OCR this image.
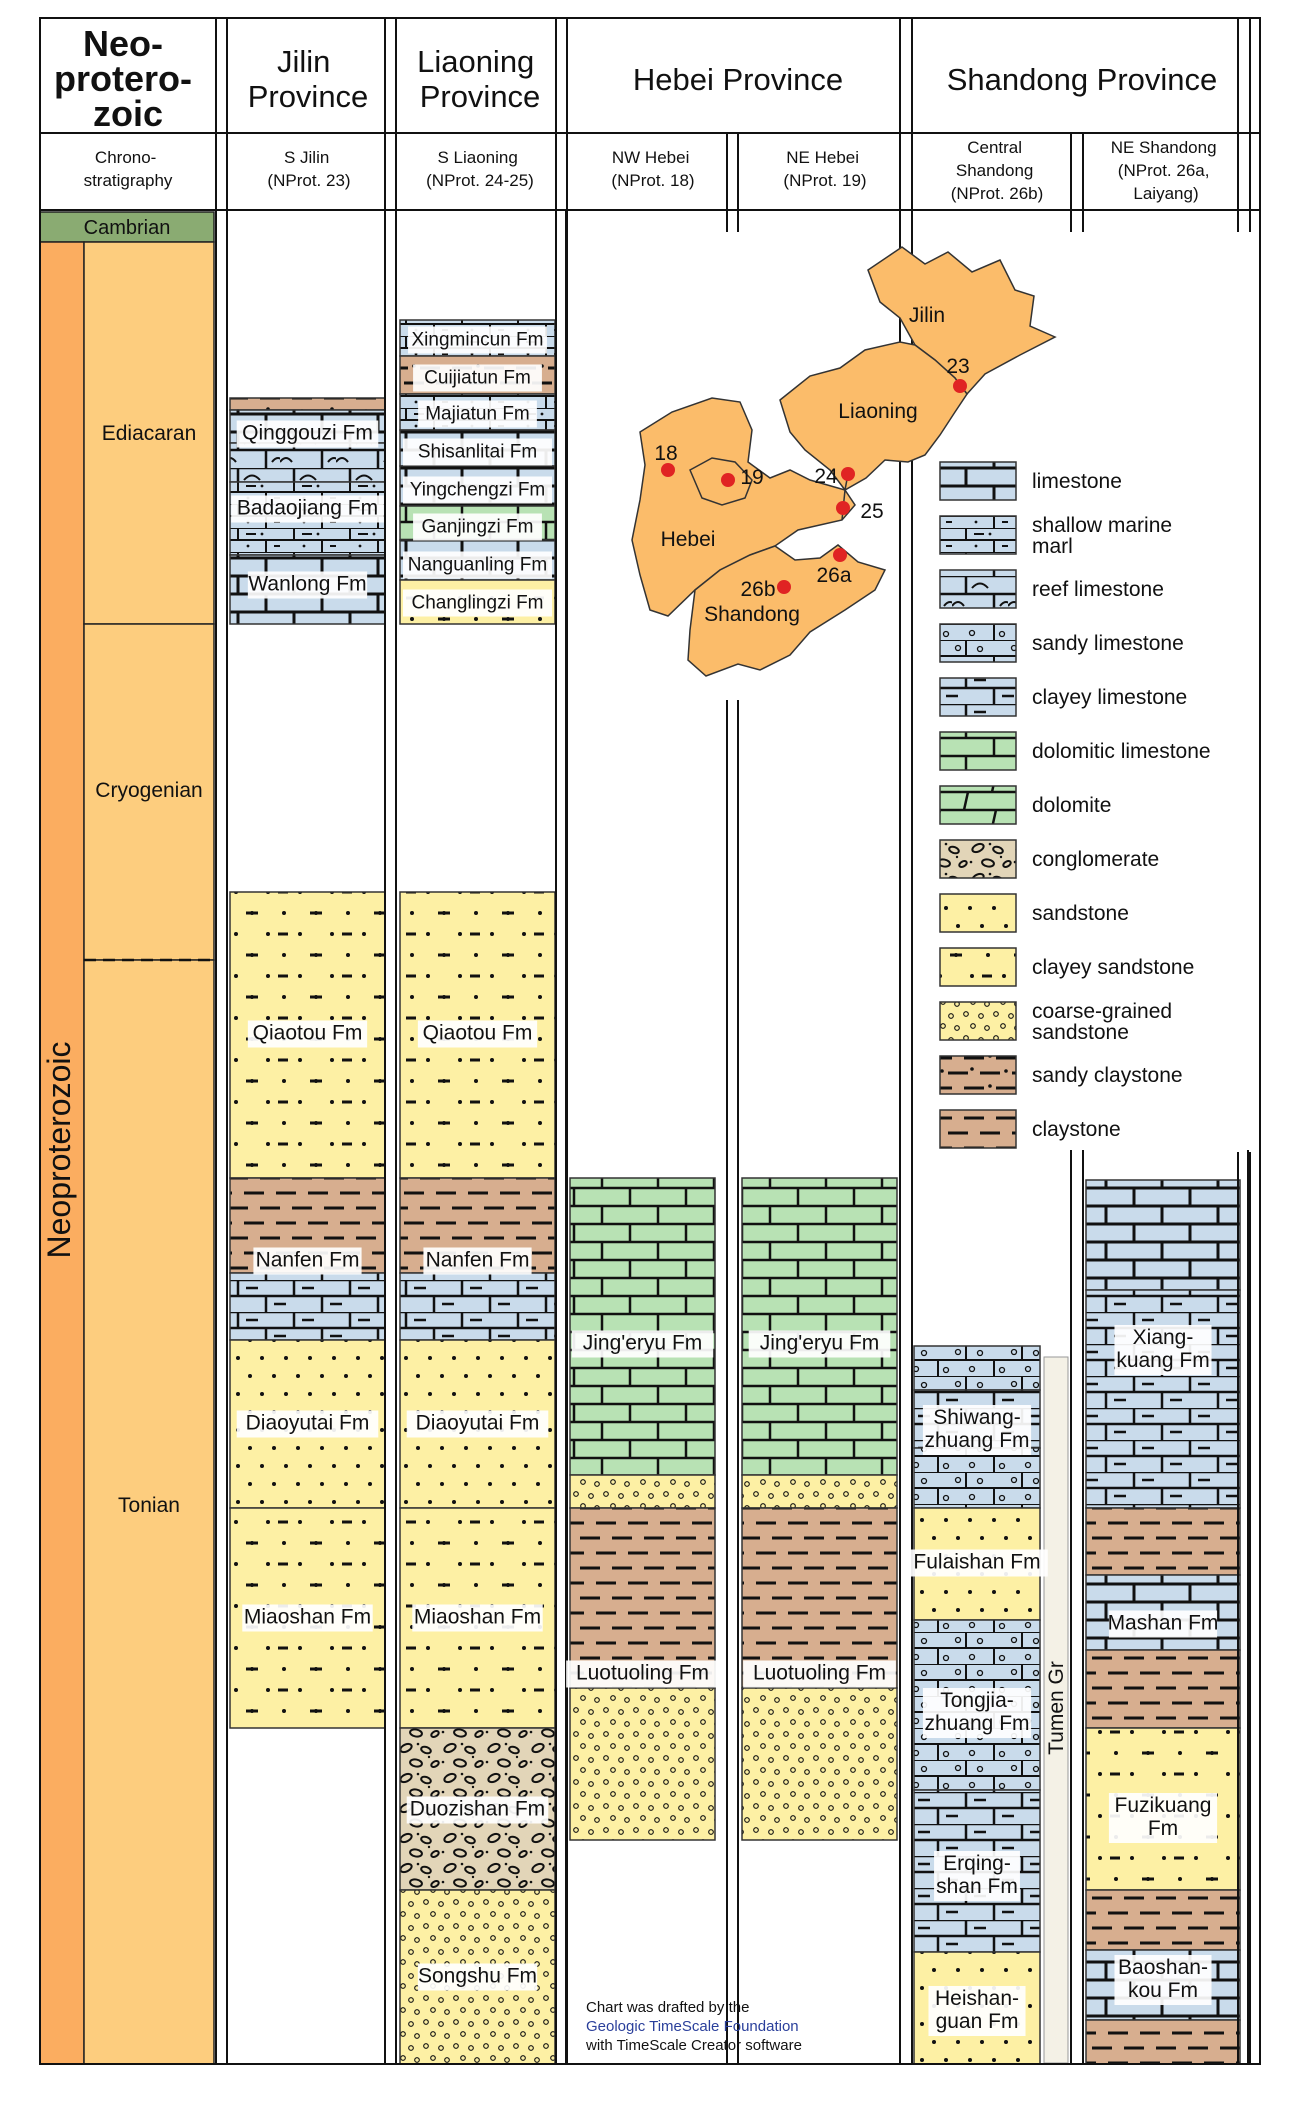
Cambrian
Neoproterozoic
Ediacaran
Cryogenian
Tonian
Tumen Gr
Qinggouzi Fm
Badaojiang Fm
Wanlong Fm
Qiaotou Fm
Nanfen Fm
Diaoyutai Fm
Miaoshan Fm
Xingmincun Fm
Cuijiatun Fm
Majiatun Fm
Shisanlitai Fm
Yingchengzi Fm
Ganjingzi Fm
Nanguanling Fm
Changlingzi Fm
Qiaotou Fm
Nanfen Fm
Diaoyutai Fm
Miaoshan Fm
Duozishan Fm
Songshu Fm
Jing'eryu Fm
Luotuoling Fm
Jing'eryu Fm
Luotuoling Fm
Shiwang-zhuang Fm
Fulaishan Fm
Tongjia-zhuang Fm
Erqing-shan Fm
Heishan-guan Fm
Xiang-kuang Fm
Mashan Fm
Fuzikuang Fm
Baoshan-kou Fm
Neo- protero- zoic
Jilin Province
Liaoning Province	Hebei Province	Shandong Province
Chrono- stratigraphy
S Jilin (NProt. 23)
S Liaoning (NProt. 24-25)
NW Hebei (NProt. 18)
NE Hebei (NProt. 19)
Central Shandong (NProt. 26b)
NE Shandong (NProt. 26a, Laiyang)
Jilin
Liaoning
Hebei
Shandong
18
19
23
24
25
26a
26b
limestone
shallow marine marl
reef limestone
sandy limestone
clayey limestone
dolomitic limestone
dolomite
conglomerate
sandstone
clayey sandstone
coarse-grained sandstone
sandy claystone
claystone
Chart was drafted by the
Geologic TimeScale Foundation
with TimeScale Creator software
